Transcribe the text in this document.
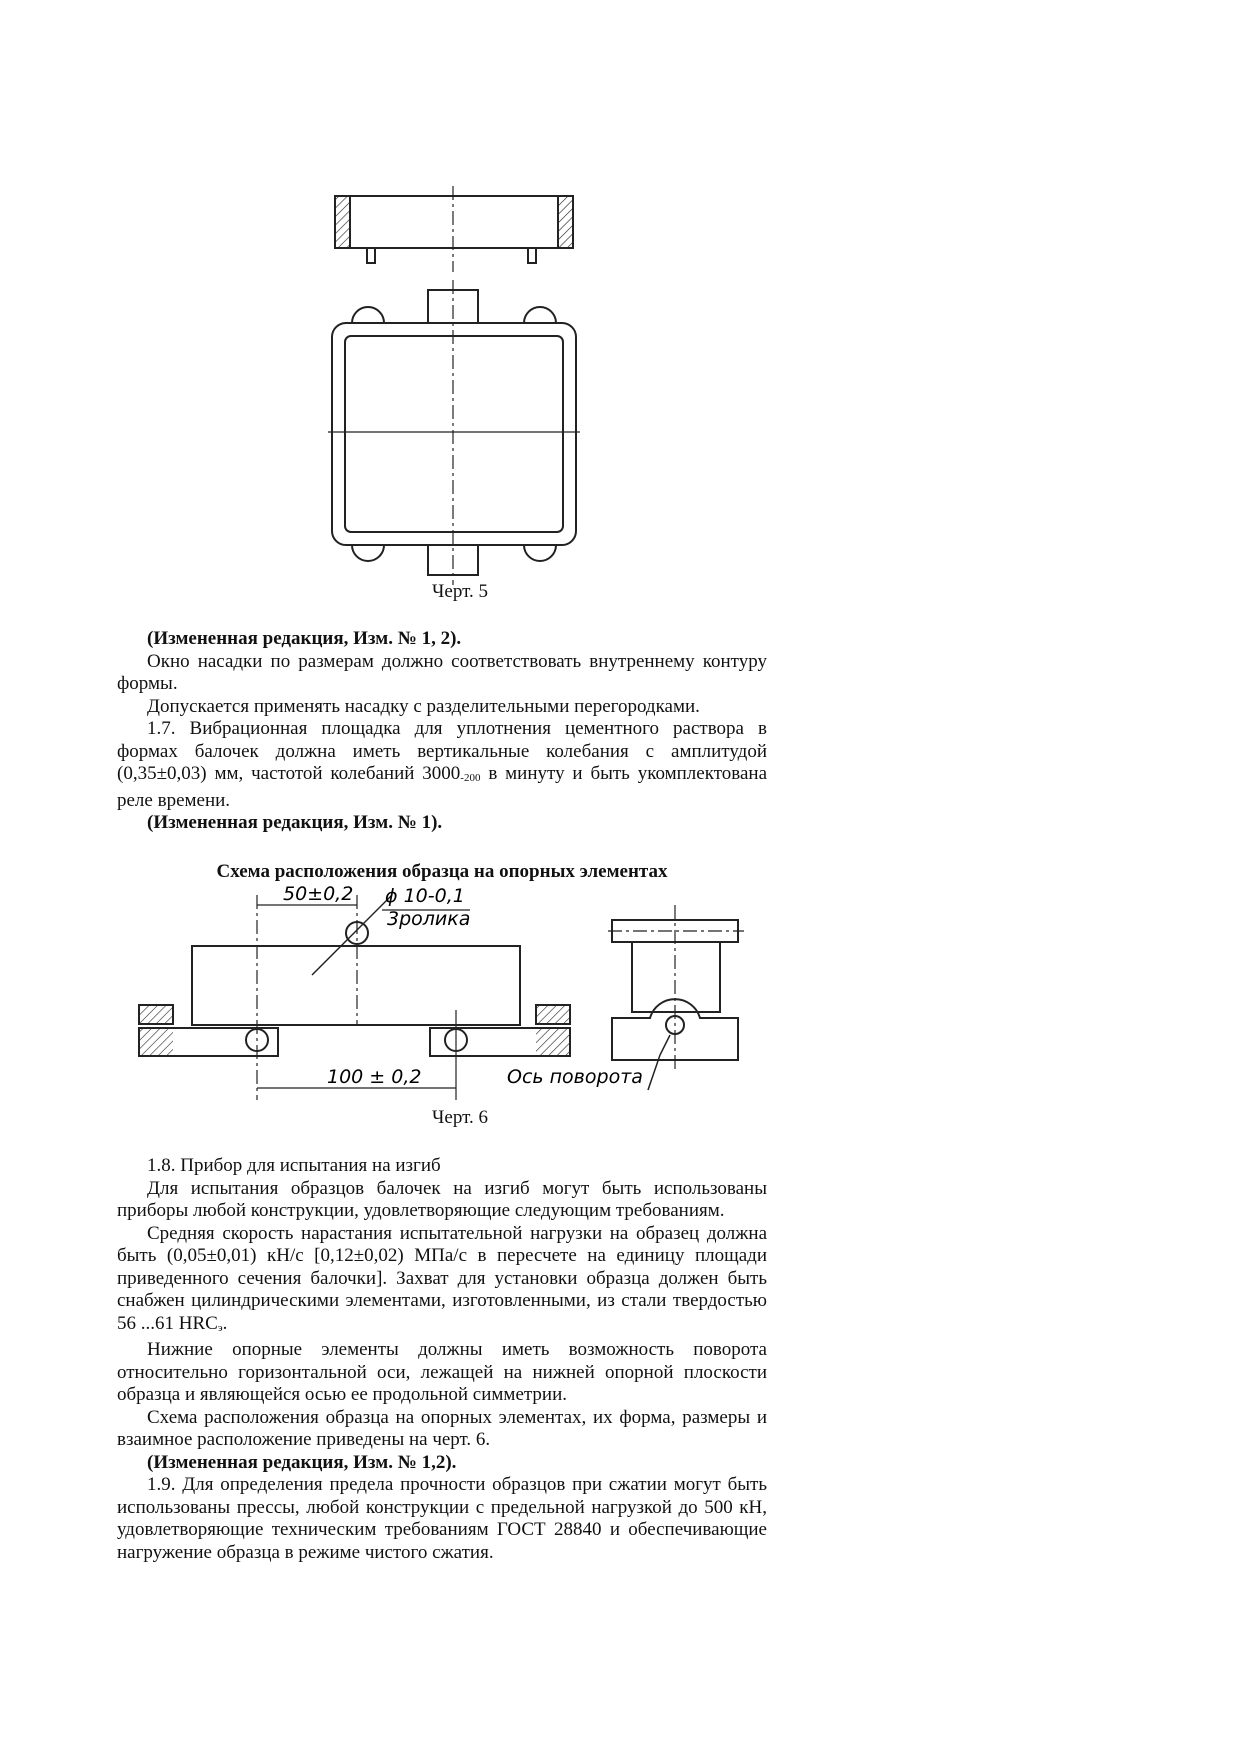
50±0,2 ϕ 10-0,1
3ролика
100 ± 0,2	Ось поворота
Черт. 5

(Измененная редакция, Изм. № 1, 2).

Окно насадки по размерам должно соответствовать внутреннему контуру формы.

Допускается применять насадку с разделительными перегородками.

1.7. Вибрационная площадка для уплотнения цементного раствора в формах балочек должна иметь вертикальные колебания с амплитудой (0,35±0,03) мм, частотой колебаний $3000_{-200}$ в минуту и быть укомплектована реле времени.

(Измененная редакция, Изм. № 1).

Схема расположения образца на опорных элементах
Черт. 6

1.8. Прибор для испытания на изгиб

Для испытания образцов балочек на изгиб могут быть использованы приборы любой конструкции, удовлетворяющие следующим требованиям.

Средняя скорость нарастания испытательной нагрузки на образец должна быть (0,05±0,01) кН/с [0,12±0,02) МПа/с в пересчете на единицу площади приведенного сечения балочки]. Захват для установки образца должен быть снабжен цилиндрическими элементами, изготовленными, из стали твердостью 56 ...61 $HRC_э$.

Нижние опорные элементы должны иметь возможность поворота относительно горизонтальной оси, лежащей на нижней опорной плоскости образца и являющейся осью ее продольной симметрии.

Схема расположения образца на опорных элементах, их форма, размеры и взаимное расположение приведены на черт. 6.

(Измененная редакция, Изм. № 1,2).

1.9. Для определения предела прочности образцов при сжатии могут быть использованы прессы, любой конструкции с предельной нагрузкой до 500 кН, удовлетворяющие техническим требованиям ГОСТ 28840 и обеспечивающие нагружение образца в режиме чистого сжатия.
